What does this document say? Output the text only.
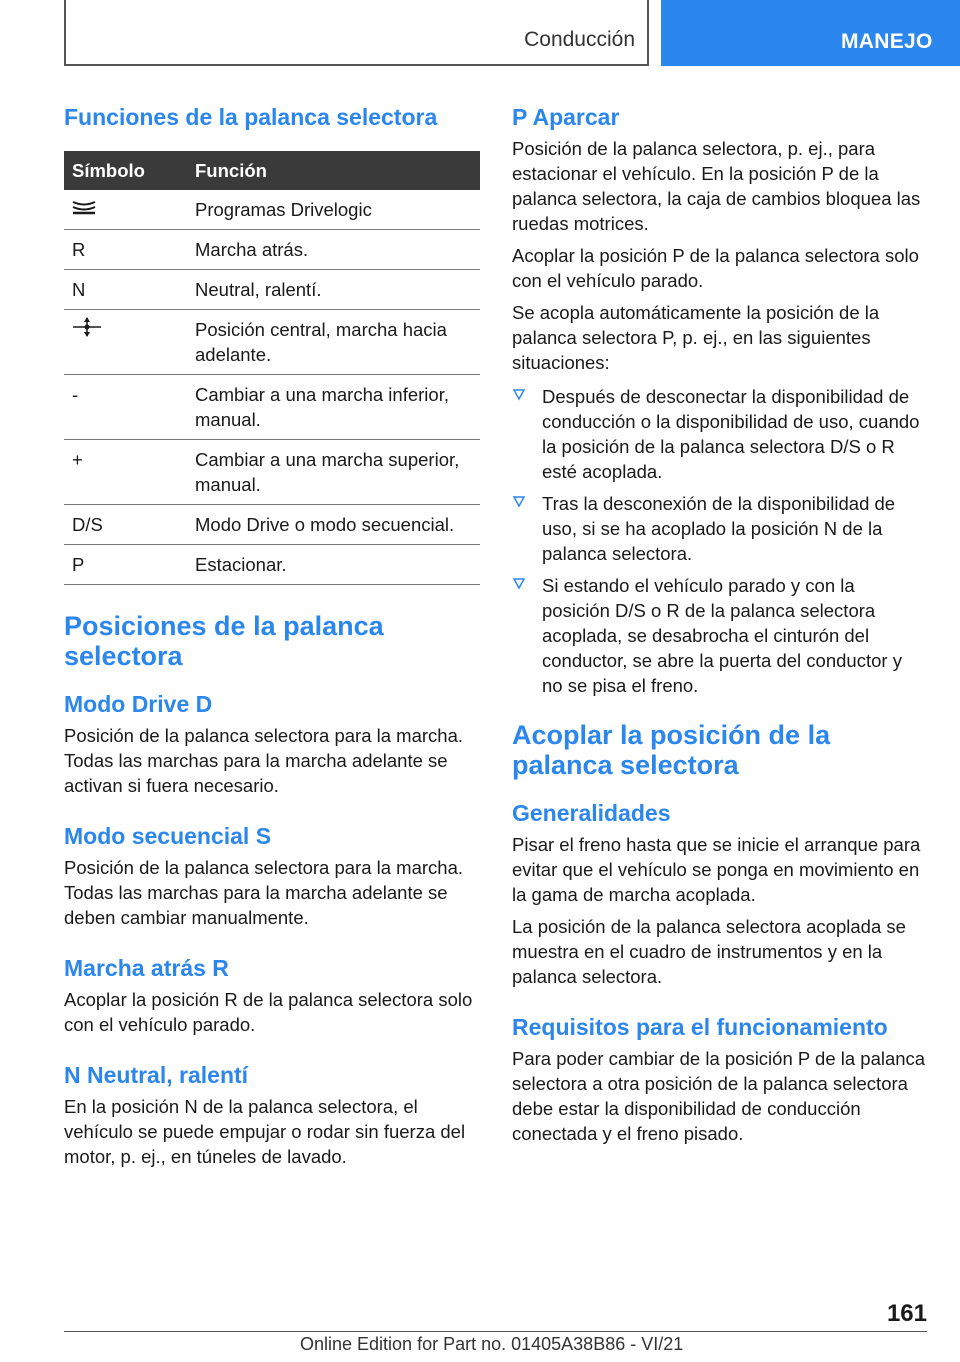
Conducción	MANEJO
Funciones de la palanca selectora
Símbolo	Función
	Programas Drivelogic
R	Marcha atrás.
N	Neutral, ralentí.
	Posición central, marcha hacia adelante.
-	Cambiar a una marcha inferior, manual.
+	Cambiar a una marcha superior, manual.
D/S	Modo Drive o modo secuencial.
P	Estacionar.
Posiciones de la palanca selectora
Modo Drive D
Posición de la palanca selectora para la marcha. Todas las marchas para la marcha adelante se activan si fuera necesario.
Modo secuencial S
Posición de la palanca selectora para la marcha. Todas las marchas para la marcha adelante se deben cambiar manualmente.
Marcha atrás R
Acoplar la posición R de la palanca selectora solo con el vehículo parado.
N Neutral, ralentí
En la posición N de la palanca selectora, el vehículo se puede empujar o rodar sin fuerza del motor, p. ej., en túneles de lavado.
P Aparcar
Posición de la palanca selectora, p. ej., para estacionar el vehículo. En la posición P de la palanca selectora, la caja de cambios bloquea las ruedas motrices.
Acoplar la posición P de la palanca selectora solo con el vehículo parado.
Se acopla automáticamente la posición de la palanca selectora P, p. ej., en las siguientes situaciones:
Después de desconectar la disponibilidad de conducción o la disponibilidad de uso, cuando la posición de la palanca selectora D/S o R esté acoplada.
Tras la desconexión de la disponibilidad de uso, si se ha acoplado la posición N de la palanca selectora.
Si estando el vehículo parado y con la posición D/S o R de la palanca selectora acoplada, se desabrocha el cinturón del conductor, se abre la puerta del conductor y no se pisa el freno.
Acoplar la posición de la palanca selectora
Generalidades
Pisar el freno hasta que se inicie el arranque para evitar que el vehículo se ponga en movimiento en la gama de marcha acoplada.
La posición de la palanca selectora acoplada se muestra en el cuadro de instrumentos y en la palanca selectora.
Requisitos para el funcionamiento
Para poder cambiar de la posición P de la palanca selectora a otra posición de la palanca selectora debe estar la disponibilidad de conducción conectada y el freno pisado.
161
Online Edition for Part no. 01405A38B86 - VI/21
